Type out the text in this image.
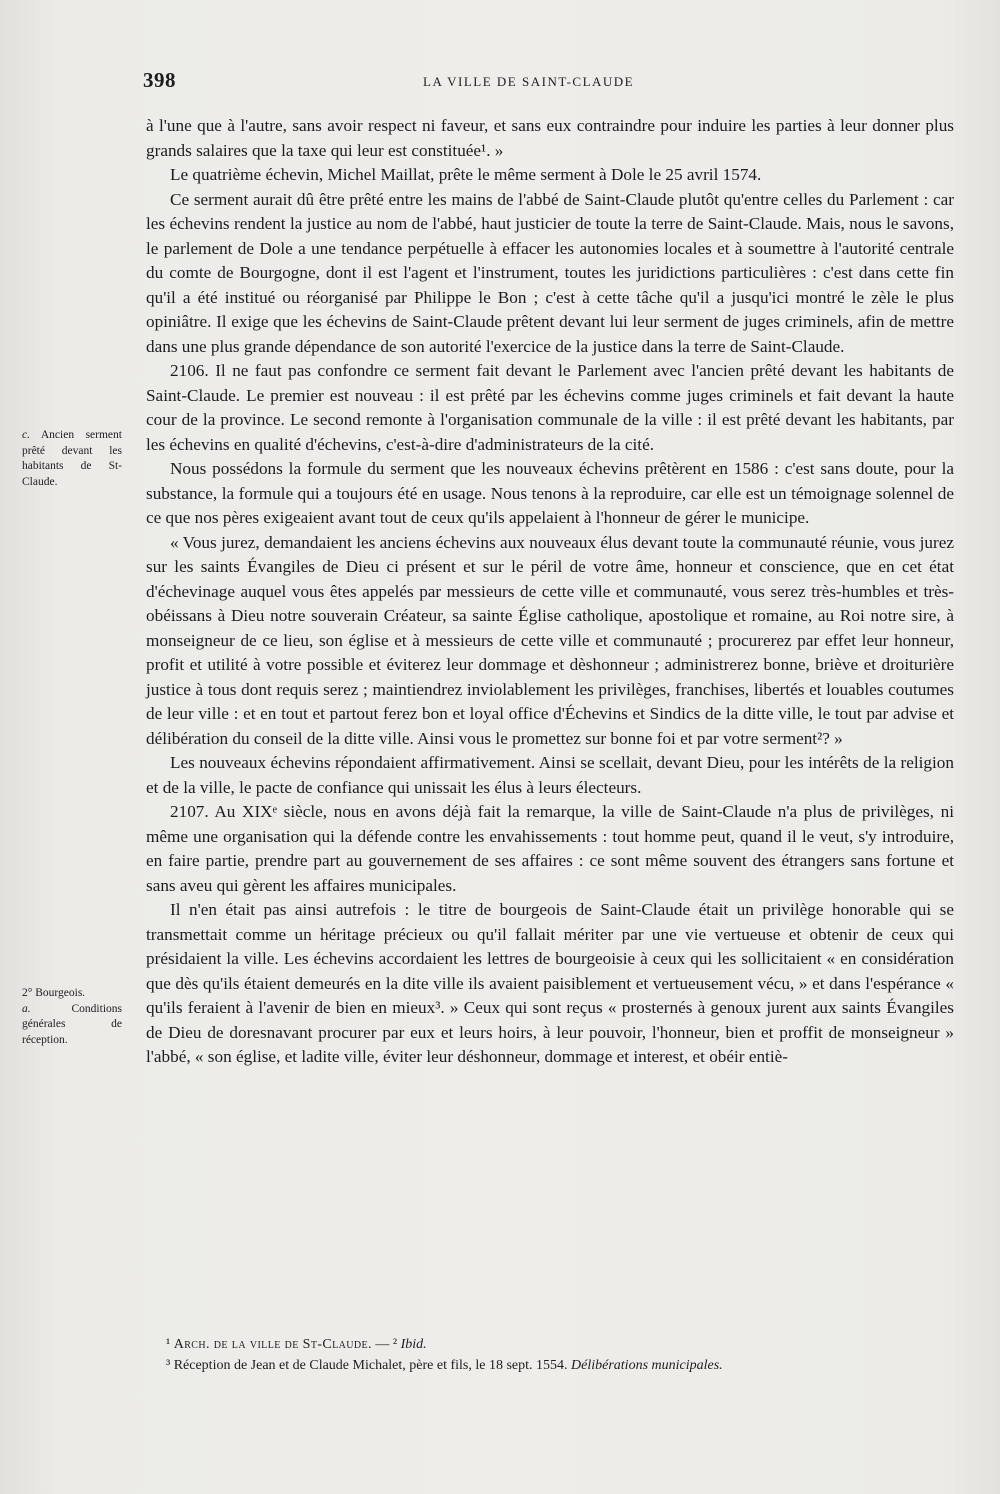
398	LA VILLE DE SAINT-CLAUDE
c. Ancien serment prêté devant les habitants de St-Claude.
2° Bourgeois.
a.	Conditions générales de réception.

à l'une que à l'autre, sans avoir respect ni faveur, et sans eux contraindre pour induire les parties à leur donner plus grands salaires que la taxe qui leur est constituée¹. »

Le quatrième échevin, Michel Maillat, prête le même serment à Dole le 25 avril 1574.

Ce serment aurait dû être prêté entre les mains de l'abbé de Saint-Claude plutôt qu'entre celles du Parlement : car les échevins rendent la justice au nom de l'abbé, haut justicier de toute la terre de Saint-Claude. Mais, nous le savons, le parlement de Dole a une tendance perpétuelle à effacer les autonomies locales et à soumettre à l'autorité centrale du comte de Bourgogne, dont il est l'agent et l'instrument, toutes les juridictions particulières : c'est dans cette fin qu'il a été institué ou réorganisé par Philippe le Bon ; c'est à cette tâche qu'il a jusqu'ici montré le zèle le plus opiniâtre. Il exige que les échevins de Saint-Claude prêtent devant lui leur serment de juges criminels, afin de mettre dans une plus grande dépendance de son autorité l'exercice de la justice dans la terre de Saint-Claude.

2106. Il ne faut pas confondre ce serment fait devant le Parlement avec l'ancien prêté devant les habitants de Saint-Claude. Le premier est nouveau : il est prêté par les échevins comme juges criminels et fait devant la haute cour de la province. Le second remonte à l'organisation communale de la ville : il est prêté devant les habitants, par les échevins en qualité d'échevins, c'est-à-dire d'administrateurs de la cité.

Nous possédons la formule du serment que les nouveaux échevins prêtèrent en 1586 : c'est sans doute, pour la substance, la formule qui a toujours été en usage. Nous tenons à la reproduire, car elle est un témoignage solennel de ce que nos pères exigeaient avant tout de ceux qu'ils appelaient à l'honneur de gérer le municipe.

« Vous jurez, demandaient les anciens échevins aux nouveaux élus devant toute la communauté réunie, vous jurez sur les saints Évangiles de Dieu ci présent et sur le péril de votre âme, honneur et conscience, que en cet état d'échevinage auquel vous êtes appelés par messieurs de cette ville et communauté, vous serez très-humbles et très-obéissans à Dieu notre souverain Créateur, sa sainte Église catholique, apostolique et romaine, au Roi notre sire, à monseigneur de ce lieu, son église et à messieurs de cette ville et communauté ; procurerez par effet leur honneur, profit et utilité à votre possible et éviterez leur dommage et dèshonneur ; administrerez bonne, briève et droiturière justice à tous dont requis serez ; maintiendrez inviolablement les privilèges, franchises, libertés et louables coutumes de leur ville : et en tout et partout ferez bon et loyal office d'Échevins et Sindics de la ditte ville, le tout par advise et délibération du conseil de la ditte ville. Ainsi vous le promettez sur bonne foi et par votre serment²? »

Les nouveaux échevins répondaient affirmativement. Ainsi se scellait, devant Dieu, pour les intérêts de la religion et de la ville, le pacte de confiance qui unissait les élus à leurs électeurs.

2107. Au XIXᵉ siècle, nous en avons déjà fait la remarque, la ville de Saint-Claude n'a plus de privilèges, ni même une organisation qui la défende contre les envahissements : tout homme peut, quand il le veut, s'y introduire, en faire partie, prendre part au gouvernement de ses affaires : ce sont même souvent des étrangers sans fortune et sans aveu qui gèrent les affaires municipales.

Il n'en était pas ainsi autrefois : le titre de bourgeois de Saint-Claude était un privilège honorable qui se transmettait comme un héritage précieux ou qu'il fallait mériter par une vie vertueuse et obtenir de ceux qui présidaient la ville. Les échevins accordaient les lettres de bourgeoisie à ceux qui les sollicitaient « en considération que dès qu'ils étaient demeurés en la dite ville ils avaient paisiblement et vertueusement vécu, » et dans l'espérance « qu'ils feraient à l'avenir de bien en mieux³. » Ceux qui sont reçus « prosternés à genoux jurent aux saints Évangiles de Dieu de doresnavant procurer par eux et leurs hoirs, à leur pouvoir, l'honneur, bien et proffit de monseigneur » l'abbé, « son église, et ladite ville, éviter leur déshonneur, dommage et interest, et obéir entiè-

¹ Arch. de la ville de St-Claude. — ² Ibid.
³ Réception de Jean et de Claude Michalet, père et fils, le 18 sept. 1554. Délibérations municipales.
